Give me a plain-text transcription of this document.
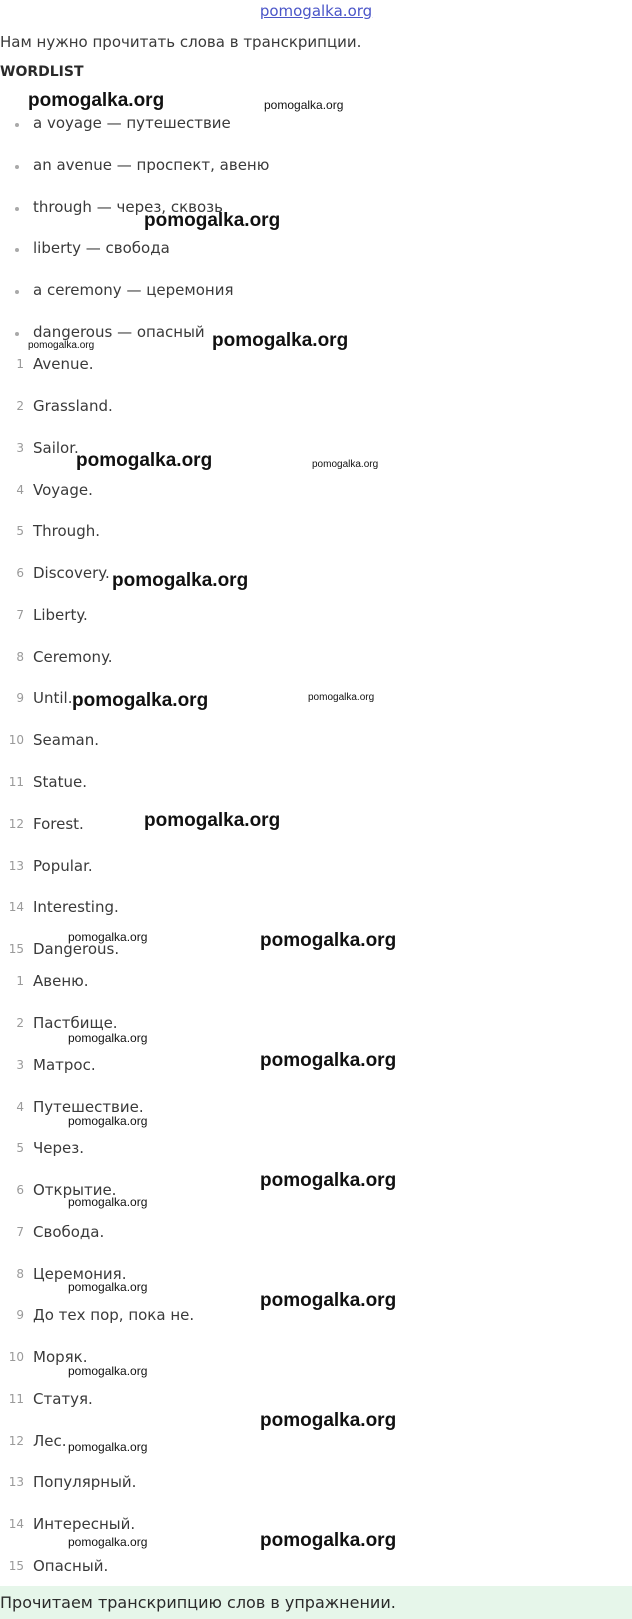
pomogalka.org
Нам нужно прочитать слова в транскрипции.
WORDLIST
a voyage — путешествие
an avenue — проспект, авеню
through — через, сквозь
liberty — свобода
a ceremony — церемония
dangerous — опасный
1 Avenue.
2 Grassland.
3 Sailor.
4 Voyage.
5 Through.
6 Discovery.
7 Liberty.
8 Ceremony.
9 Until.
10 Seaman.
11 Statue.
12 Forest.
13 Popular.
14 Interesting.
15 Dangerous.
1 Авеню.
2 Пастбище.
3 Матрос.
4 Путешествие.
5 Через.
6 Открытие.
7 Свобода.
8 Церемония.
9 До тех пор, пока не.
10 Моряк.
11 Статуя.
12 Лес.
13 Популярный.
14 Интересный.
15 Опасный.
Прочитаем транскрипцию слов в упражнении.
pomogalka.org	pomogalka.org
pomogalka.org
pomogalka.org	pomogalka.org
pomogalka.org	pomogalka.org
pomogalka.org
pomogalka.org	pomogalka.org
pomogalka.org
pomogalka.org	pomogalka.org
pomogalka.org
pomogalka.org
pomogalka.org
pomogalka.org
pomogalka.org
pomogalka.org
pomogalka.org
pomogalka.org
pomogalka.org
pomogalka.org
pomogalka.org	pomogalka.org
